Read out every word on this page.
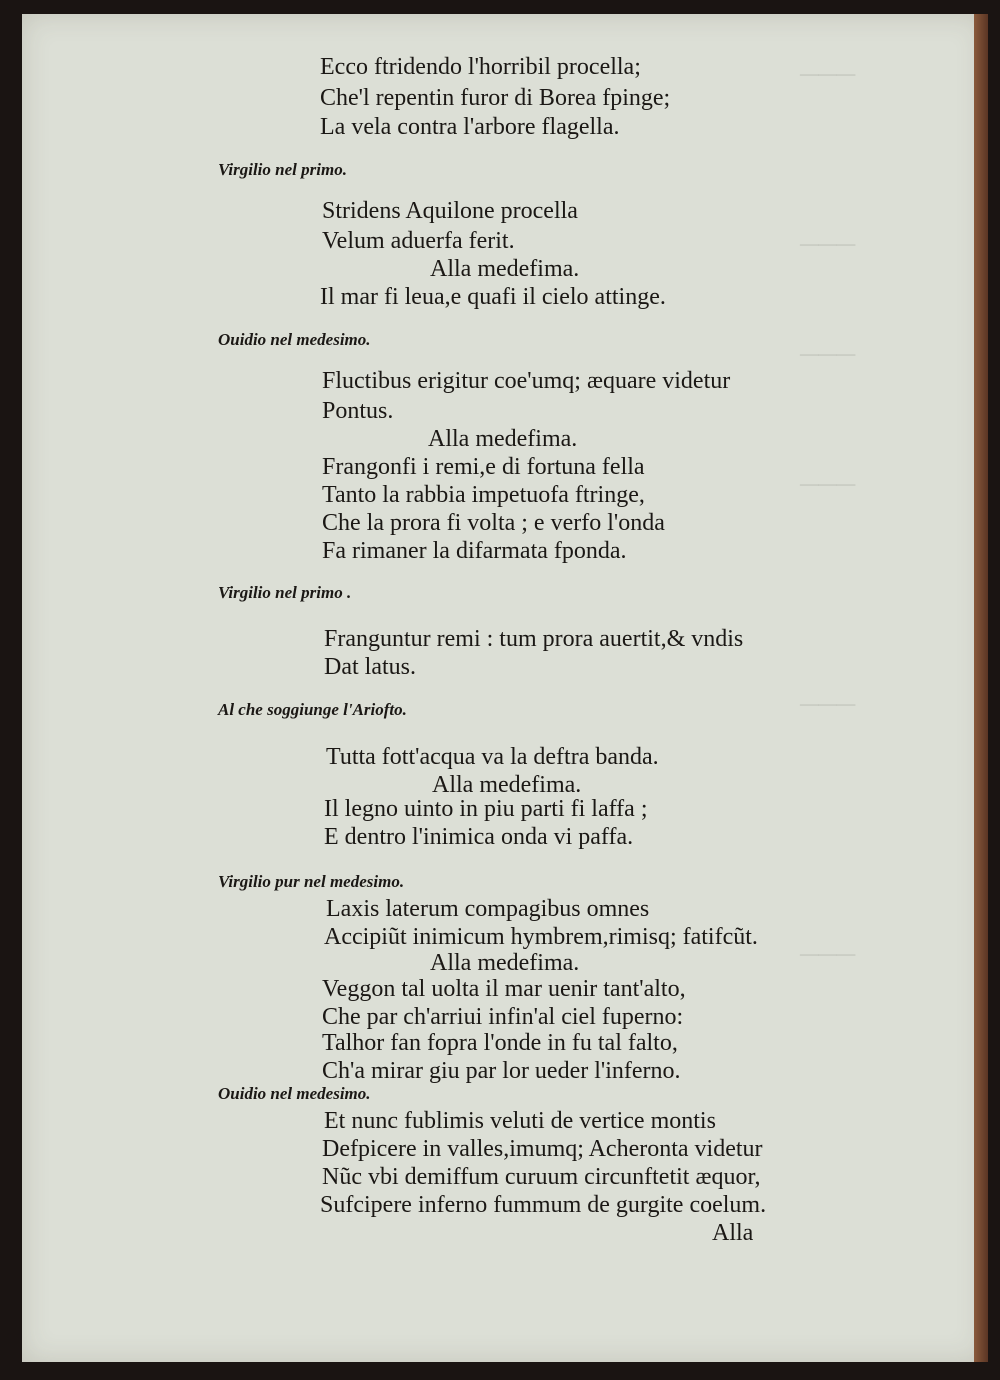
───
───
───
───
───
───
Ecco ftridendo l'horribil procella;
Che'l repentin furor di Borea fpinge;
La vela contra l'arbore flagella.
Virgilio nel primo.
Stridens Aquilone procella
Velum aduerfa ferit.
Alla medefima.
Il mar fi leua,e quafi il cielo attinge.
Ouidio nel medesimo.
Fluctibus erigitur coe'umq; æquare videtur
Pontus.
Alla medefima.
Frangonfi i remi,e di fortuna fella
Tanto la rabbia impetuofa ftringe,
Che la prora fi volta ; e verfo l'onda
Fa rimaner la difarmata fponda.
Virgilio nel primo .
Franguntur remi : tum prora auertit,& vndis
Dat latus.
Al che soggiunge l'Ariofto.
Tutta fott'acqua va la deftra banda.
Alla medefima.
Il legno uinto in piu parti fi laffa ;
E dentro l'inimica onda vi paffa.
Virgilio pur nel medesimo.
Laxis laterum compagibus omnes
Accipiũt inimicum hymbrem,rimisq; fatifcũt.
Alla medefima.
Veggon tal uolta il mar uenir tant'alto,
Che par ch'arriui infin'al ciel fuperno:
Talhor fan fopra l'onde in fu tal falto,
Ch'a mirar giu par lor ueder l'inferno.
Ouidio nel medesimo.
Et nunc fublimis veluti de vertice montis
Defpicere in valles,imumq; Acheronta videtur
Nũc vbi demiffum curuum circunftetit æquor,
Sufcipere inferno fummum de gurgite coelum.
Alla
